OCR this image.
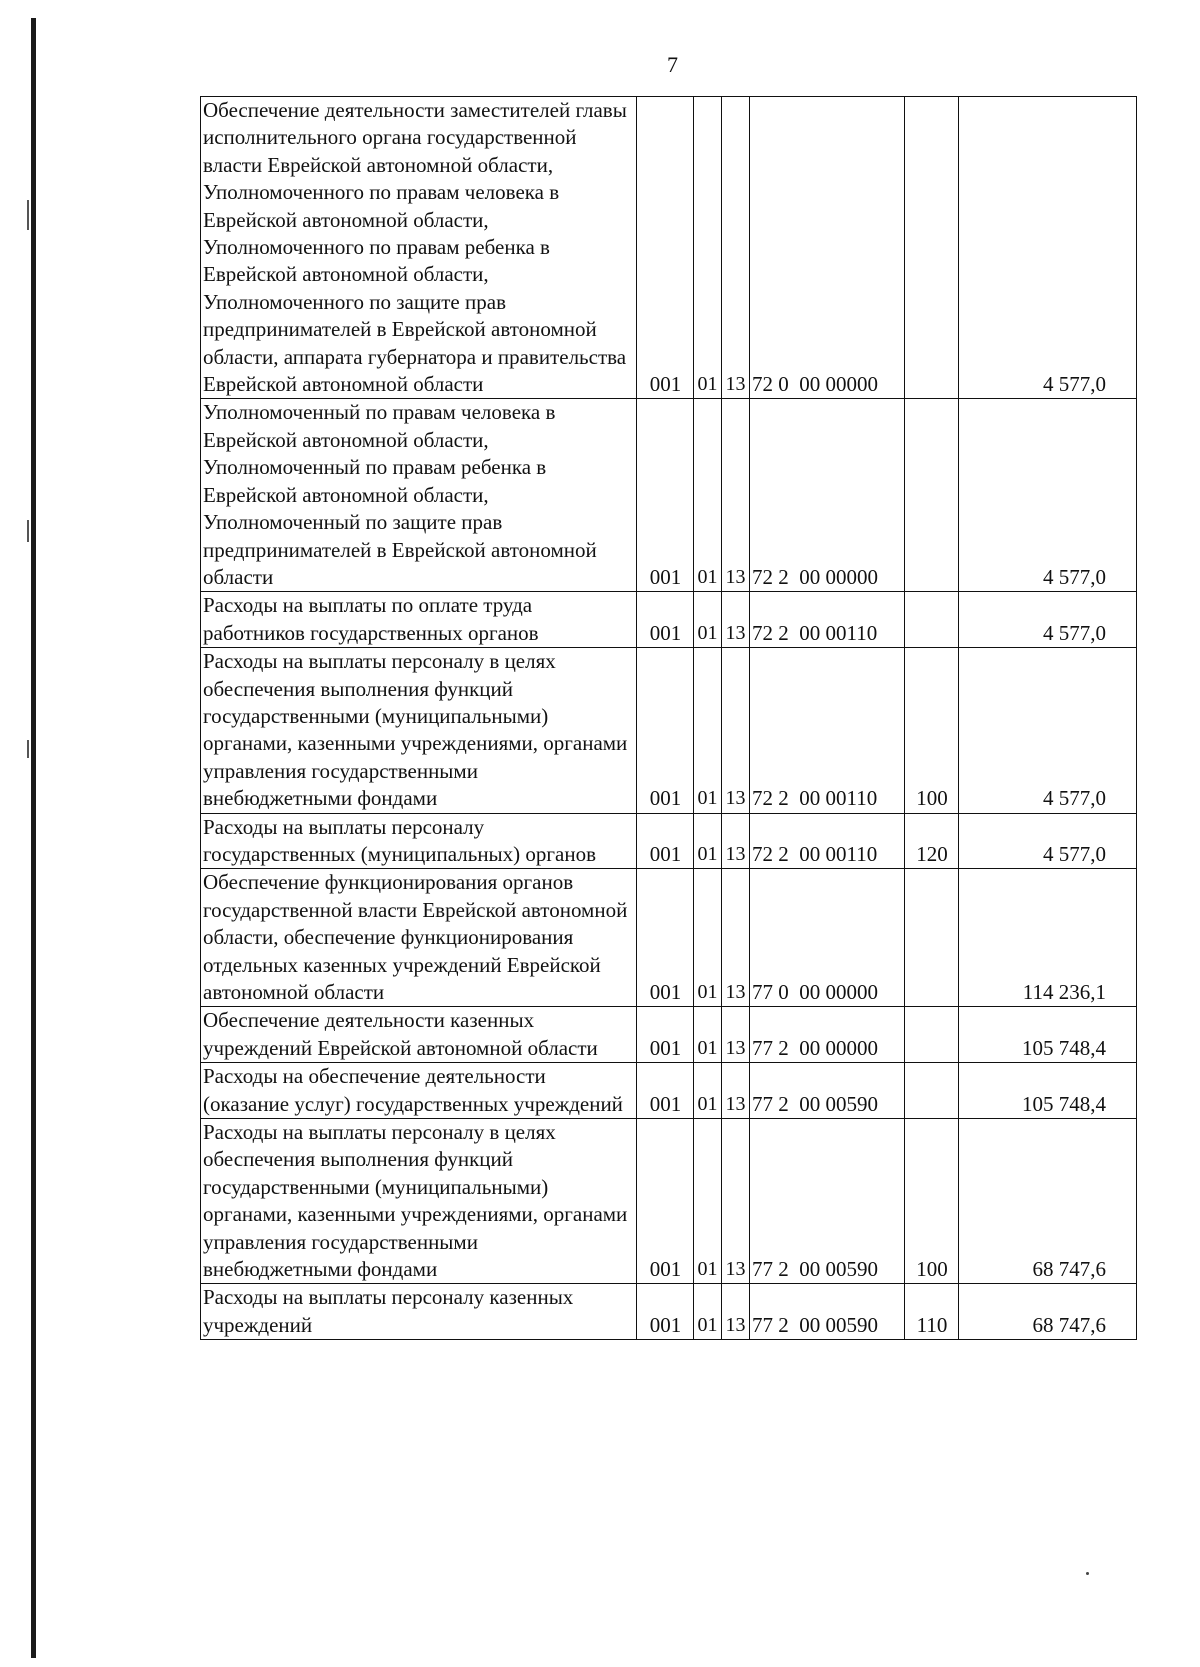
7
Обеспечение деятельности заместителей главы исполнительного органа государственной власти Еврейской автономной области, Уполномоченного по правам человека в Еврейской автономной области, Уполномоченного по правам ребенка в Еврейской автономной области, Уполномоченного по защите прав предпринимателей в Еврейской автономной области, аппарата губернатора и правительства Еврейской автономной области	001	01	13	72 0  00 00000		4 577,0
Уполномоченный по правам человека в Еврейской автономной области, Уполномоченный по правам ребенка в Еврейской автономной области, Уполномоченный по защите прав предпринимателей в Еврейской автономной области	001	01	13	72 2  00 00000		4 577,0
Расходы на выплаты по оплате труда работников государственных органов	001	01	13	72 2  00 00110		4 577,0
Расходы на выплаты персоналу в целях обеспечения выполнения функций государственными (муниципальными) органами, казенными учреждениями, органами управления государственными внебюджетными фондами	001	01	13	72 2  00 00110	100	4 577,0
Расходы на выплаты персоналу государственных (муниципальных) органов	001	01	13	72 2  00 00110	120	4 577,0
Обеспечение функционирования органов государственной власти Еврейской автономной области, обеспечение функционирования отдельных казенных учреждений Еврейской автономной области	001	01	13	77 0  00 00000		114 236,1
Обеспечение деятельности казенных учреждений Еврейской автономной области	001	01	13	77 2  00 00000		105 748,4
Расходы на обеспечение деятельности (оказание услуг) государственных учреждений	001	01	13	77 2  00 00590		105 748,4
Расходы на выплаты персоналу в целях обеспечения выполнения функций государственными (муниципальными) органами, казенными учреждениями, органами управления государственными внебюджетными фондами	001	01	13	77 2  00 00590	100	68 747,6
Расходы на выплаты персоналу казенных учреждений	001	01	13	77 2  00 00590	110	68 747,6
